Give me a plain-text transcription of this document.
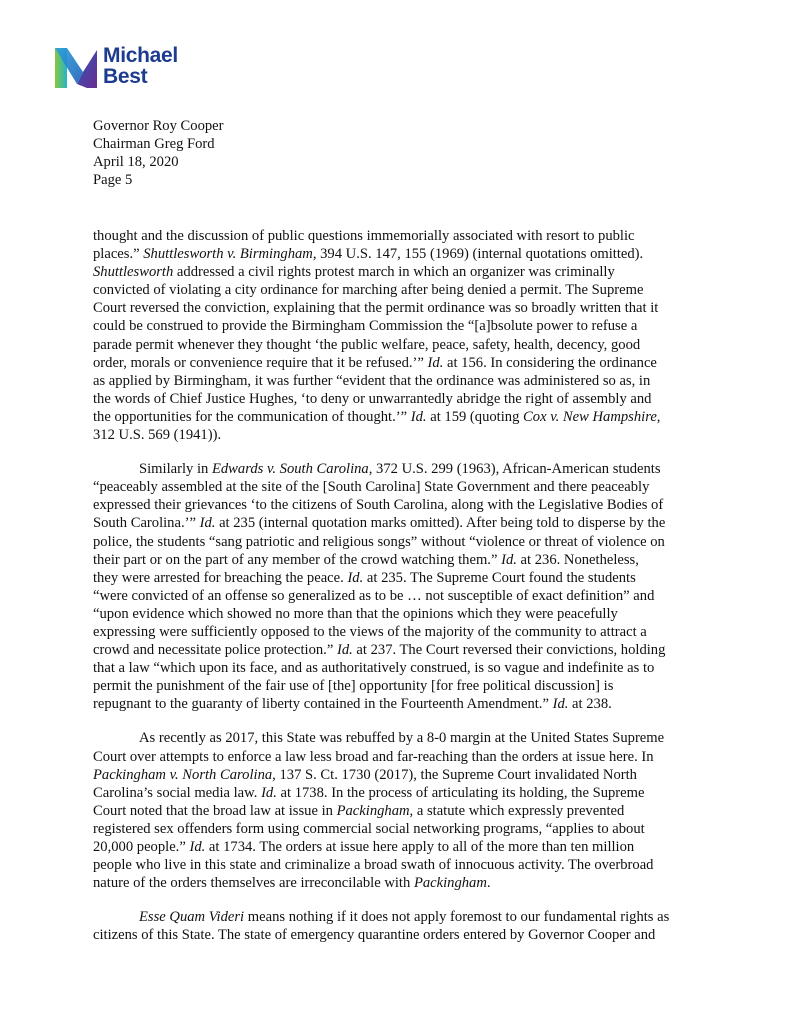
Michael
Best
Governor Roy Cooper
Chairman Greg Ford
April 18, 2020
Page 5
thought and the discussion of public questions immemorially associated with resort to public
places.” Shuttlesworth v. Birmingham, 394 U.S. 147, 155 (1969) (internal quotations omitted).
Shuttlesworth addressed a civil rights protest march in which an organizer was criminally
convicted of violating a city ordinance for marching after being denied a permit. The Supreme
Court reversed the conviction, explaining that the permit ordinance was so broadly written that it
could be construed to provide the Birmingham Commission the “[a]bsolute power to refuse a
parade permit whenever they thought ‘the public welfare, peace, safety, health, decency, good
order, morals or convenience require that it be refused.’” Id. at 156. In considering the ordinance
as applied by Birmingham, it was further “evident that the ordinance was administered so as, in
the words of Chief Justice Hughes, ‘to deny or unwarrantedly abridge the right of assembly and
the opportunities for the communication of thought.’” Id. at 159 (quoting Cox v. New Hampshire,
312 U.S. 569 (1941)).
Similarly in Edwards v. South Carolina, 372 U.S. 299 (1963), African-American students
“peaceably assembled at the site of the [South Carolina] State Government and there peaceably
expressed their grievances ‘to the citizens of South Carolina, along with the Legislative Bodies of
South Carolina.’” Id. at 235 (internal quotation marks omitted). After being told to disperse by the
police, the students “sang patriotic and religious songs” without “violence or threat of violence on
their part or on the part of any member of the crowd watching them.” Id. at 236. Nonetheless,
they were arrested for breaching the peace. Id. at 235. The Supreme Court found the students
“were convicted of an offense so generalized as to be … not susceptible of exact definition” and
“upon evidence which showed no more than that the opinions which they were peacefully
expressing were sufficiently opposed to the views of the majority of the community to attract a
crowd and necessitate police protection.” Id. at 237. The Court reversed their convictions, holding
that a law “which upon its face, and as authoritatively construed, is so vague and indefinite as to
permit the punishment of the fair use of [the] opportunity [for free political discussion] is
repugnant to the guaranty of liberty contained in the Fourteenth Amendment.” Id. at 238.
As recently as 2017, this State was rebuffed by a 8-0 margin at the United States Supreme
Court over attempts to enforce a law less broad and far-reaching than the orders at issue here. In
Packingham v. North Carolina, 137 S. Ct. 1730 (2017), the Supreme Court invalidated North
Carolina’s social media law. Id. at 1738. In the process of articulating its holding, the Supreme
Court noted that the broad law at issue in Packingham, a statute which expressly prevented
registered sex offenders form using commercial social networking programs, “applies to about
20,000 people.” Id. at 1734. The orders at issue here apply to all of the more than ten million
people who live in this state and criminalize a broad swath of innocuous activity. The overbroad
nature of the orders themselves are irreconcilable with Packingham.
Esse Quam Videri means nothing if it does not apply foremost to our fundamental rights as
citizens of this State. The state of emergency quarantine orders entered by Governor Cooper and
